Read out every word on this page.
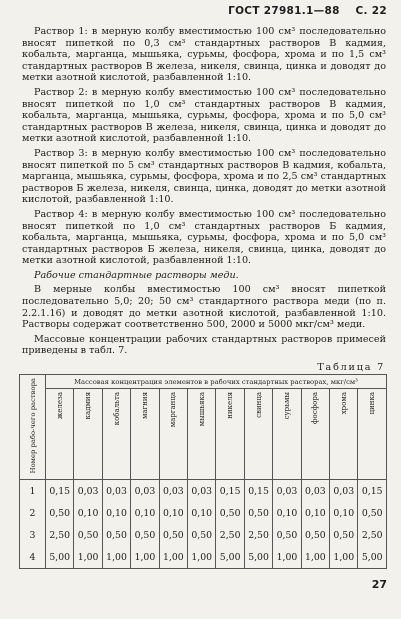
ГОСТ 27981.1—88 С. 22

Раствор 1: в мерную колбу вместимостью 100 см³ последовательно вносят пипеткой по 0,3 см³ стандартных растворов В кадмия, кобальта, марганца, мышьяка, сурьмы, фосфора, хрома и по 1,5 см³ стандартных растворов В железа, никеля, свинца, цинка и доводят до метки азотной кислотой, разбавленной 1:10.

Раствор 2: в мерную колбу вместимостью 100 см³ последовательно вносят пипеткой по 1,0 см³ стандартных растворов В кадмия, кобальта, марганца, мышьяка, сурьмы, фосфора, хрома и по 5,0 см³ стандартных растворов В железа, никеля, свинца, цинка и доводят до метки азотной кислотой, разбавленной 1:10.

Раствор 3: в мерную колбу вместимостью 100 см³ последовательно вносят пипеткой по 5 см³ стандартных растворов В кадмия, кобальта, марганца, мышьяка, сурьмы, фосфора, хрома и по 2,5 см³ стандартных растворов Б железа, никеля, свинца, цинка, доводят до метки азотной кислотой, разбавленной 1:10.

Раствор 4: в мерную колбу вместимостью 100 см³ последовательно вносят пипеткой по 1,0 см³ стандартных растворов Б кадмия, кобальта, марганца, мышьяка, сурьмы, фосфора, хрома и по 5,0 см³ стандартных растворов Б железа, никеля, свинца, цинка, доводят до метки азотной кислотой, разбавленной 1:10.

Рабочие стандартные растворы меди.

В мерные колбы вместимостью 100 см³ вносят пипеткой последовательно 5,0; 20; 50 см³ стандартного раствора меди (по п. 2.2.1.16) и доводят до метки азотной кислотой, разбавленной 1:10. Растворы содержат соответственно 500, 2000 и 5000 мкг/см³ меди.

Массовые концентрации рабочих стандартных растворов примесей приведены в табл. 7.

Таблица 7
Номер рабо-чего раствора	Массовая концентрация элементов в рабочих стандартных растворах, мкг/см³											
	железа	кадмия	кобальта	магния	марганца	мышьяка	никеля	свинца	сурьмы	фосфора	хрома	цинка
1	0,15	0,03	0,03	0,03	0,03	0,03	0,15	0,15	0,03	0,03	0,03	0,15
2	0,50	0,10	0,10	0,10	0,10	0,10	0,50	0,50	0,10	0,10	0,10	0,50
3	2,50	0,50	0,50	0,50	0,50	0,50	2,50	2,50	0,50	0,50	0,50	2,50
4	5,00	1,00	1,00	1,00	1,00	1,00	5,00	5,00	1,00	1,00	1,00	5,00
27
